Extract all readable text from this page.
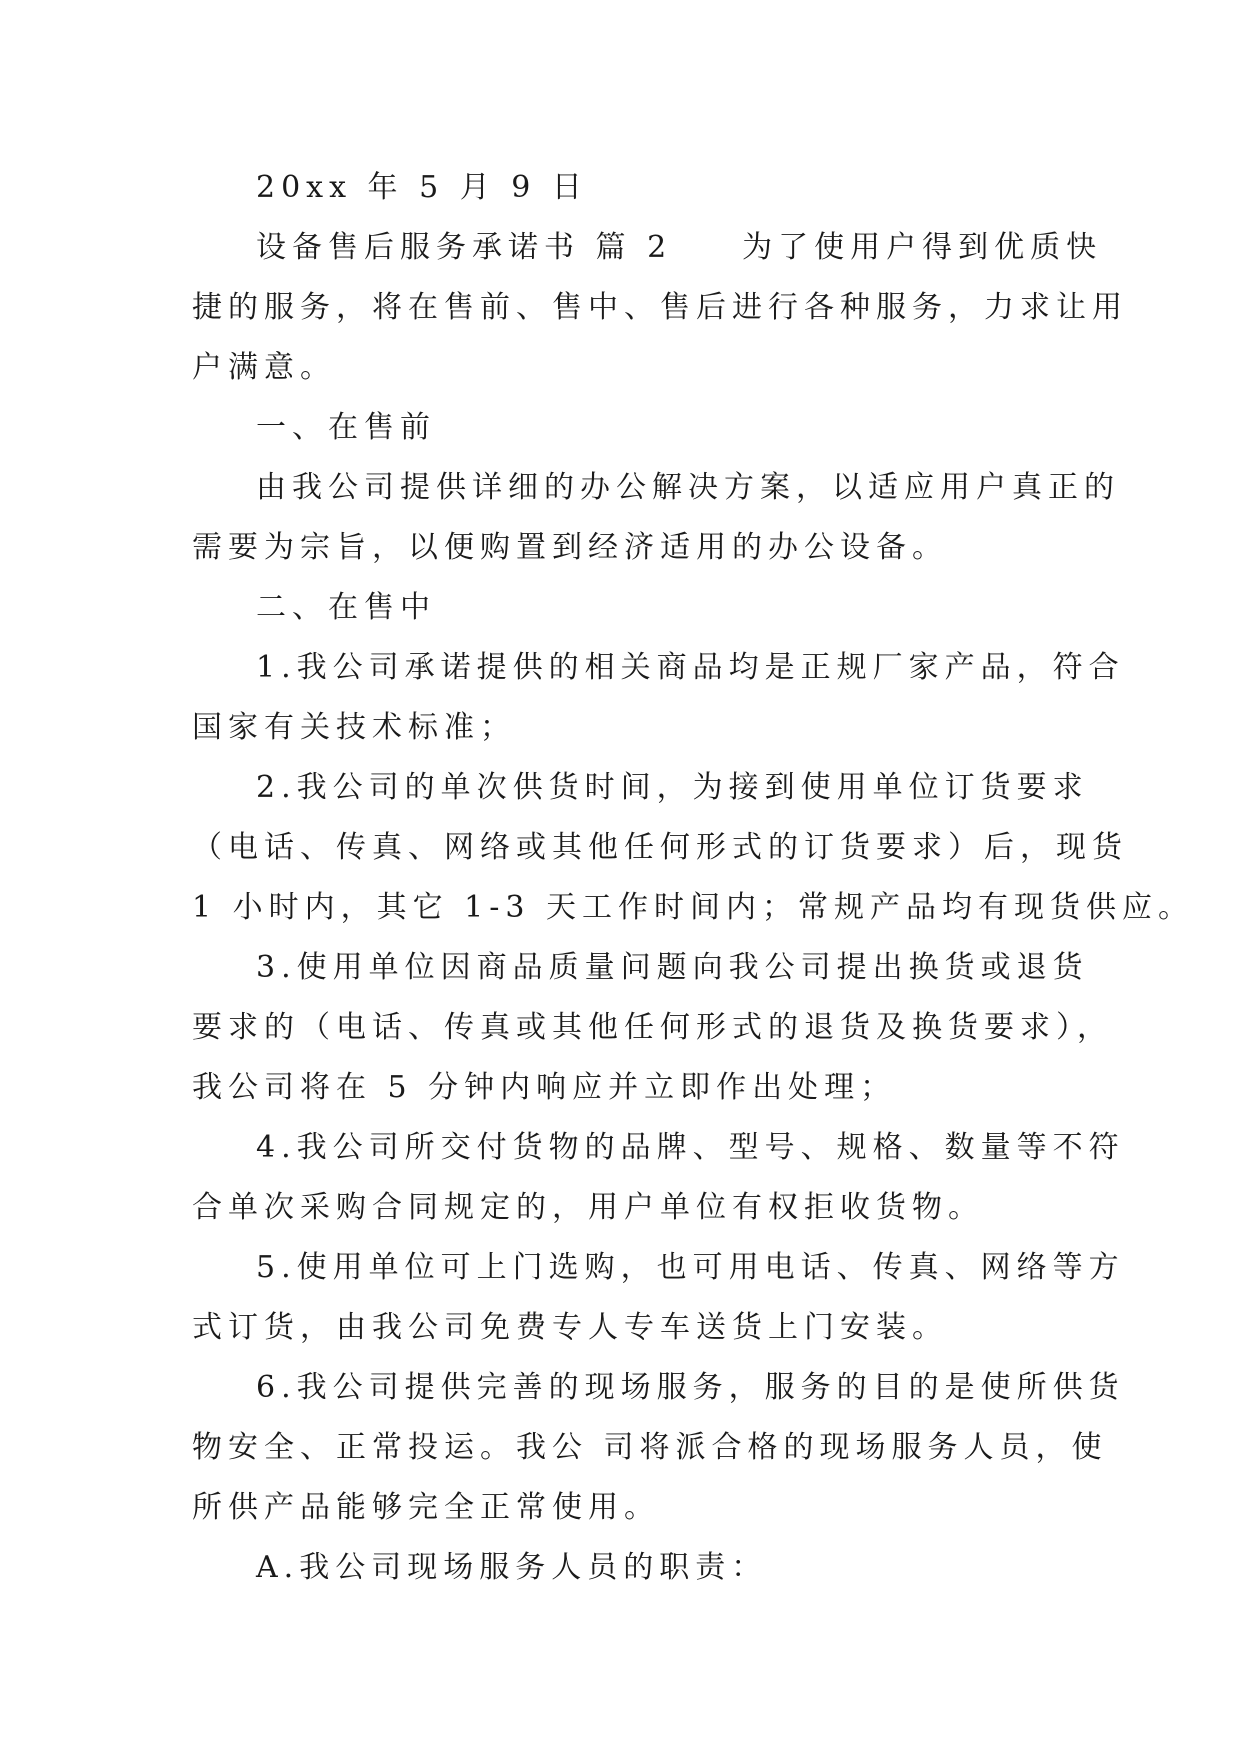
20xx 年 5 月 9 日
设备售后服务承诺书 篇 2 为了使用户得到优质快
捷的服务，将在售前、售中、售后进行各种服务，力求让用
户满意。
一、在售前
由我公司提供详细的办公解决方案，以适应用户真正的
需要为宗旨，以便购置到经济适用的办公设备。
二、在售中
1.我公司承诺提供的相关商品均是正规厂家产品，符合
国家有关技术标准；
2.我公司的单次供货时间，为接到使用单位订货要求
（电话、传真、网络或其他任何形式的订货要求）后，现货
1 小时内，其它 1-3 天工作时间内；常规产品均有现货供应。
3.使用单位因商品质量问题向我公司提出换货或退货
要求的（电话、传真或其他任何形式的退货及换货要求），
我公司将在 5 分钟内响应并立即作出处理；
4.我公司所交付货物的品牌、型号、规格、数量等不符
合单次采购合同规定的，用户单位有权拒收货物。
5.使用单位可上门选购，也可用电话、传真、网络等方
式订货，由我公司免费专人专车送货上门安装。
6.我公司提供完善的现场服务，服务的目的是使所供货
物安全、正常投运。我公 司将派合格的现场服务人员，使
所供产品能够完全正常使用。
A.我公司现场服务人员的职责：
